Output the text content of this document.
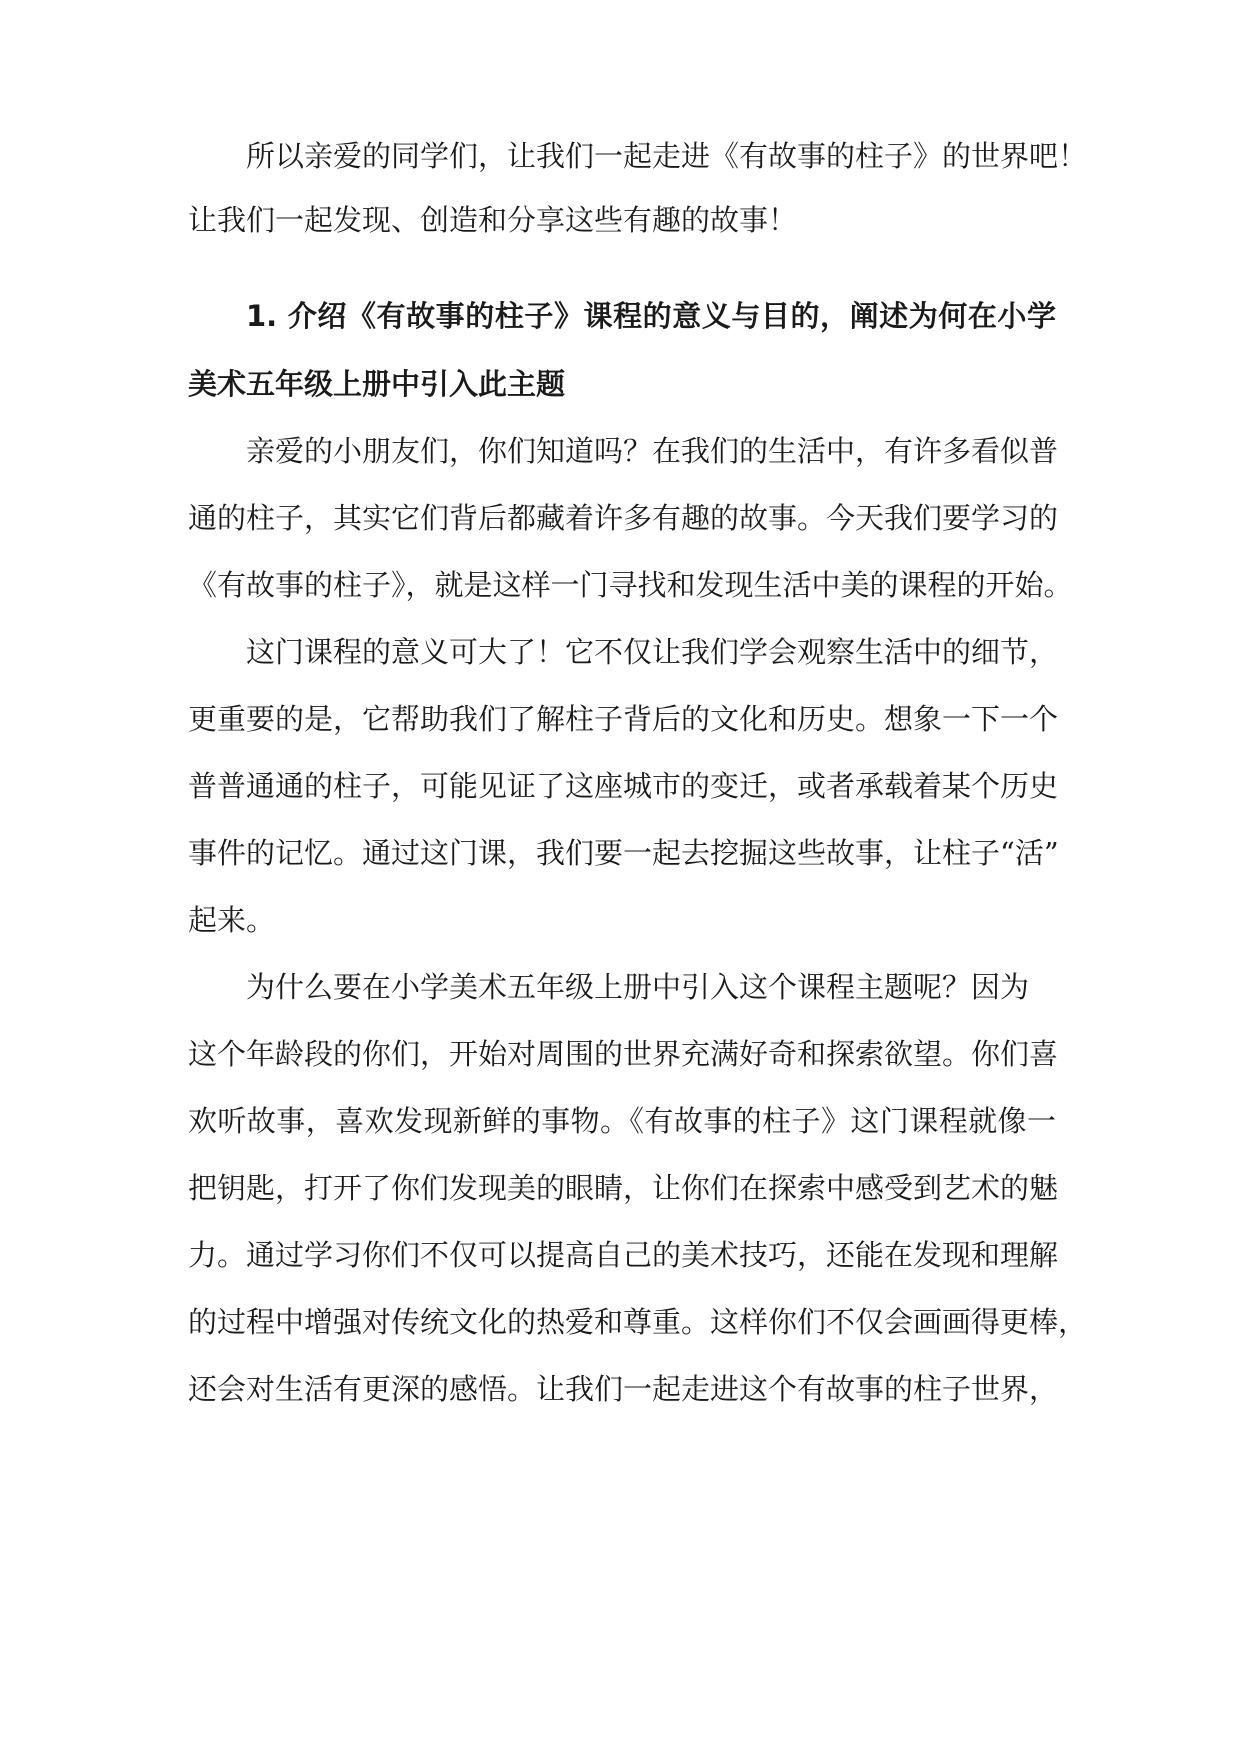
所以亲爱的同学们，让我们一起走进《有故事的柱子》的世界吧！
让我们一起发现、创造和分享这些有趣的故事！
1. 介绍《有故事的柱子》课程的意义与目的，阐述为何在小学
美术五年级上册中引入此主题
亲爱的小朋友们，你们知道吗？在我们的生活中，有许多看似普
通的柱子，其实它们背后都藏着许多有趣的故事。今天我们要学习的
《有故事的柱子》，就是这样一门寻找和发现生活中美的课程的开始。
这门课程的意义可大了！它不仅让我们学会观察生活中的细节，
更重要的是，它帮助我们了解柱子背后的文化和历史。想象一下一个
普普通通的柱子，可能见证了这座城市的变迁，或者承载着某个历史
事件的记忆。通过这门课，我们要一起去挖掘这些故事，让柱子“活”
起来。
为什么要在小学美术五年级上册中引入这个课程主题呢？因为
这个年龄段的你们，开始对周围的世界充满好奇和探索欲望。你们喜
欢听故事，喜欢发现新鲜的事物。《有故事的柱子》这门课程就像一
把钥匙，打开了你们发现美的眼睛，让你们在探索中感受到艺术的魅
力。通过学习你们不仅可以提高自己的美术技巧，还能在发现和理解
的过程中增强对传统文化的热爱和尊重。这样你们不仅会画画得更棒，
还会对生活有更深的感悟。让我们一起走进这个有故事的柱子世界，
